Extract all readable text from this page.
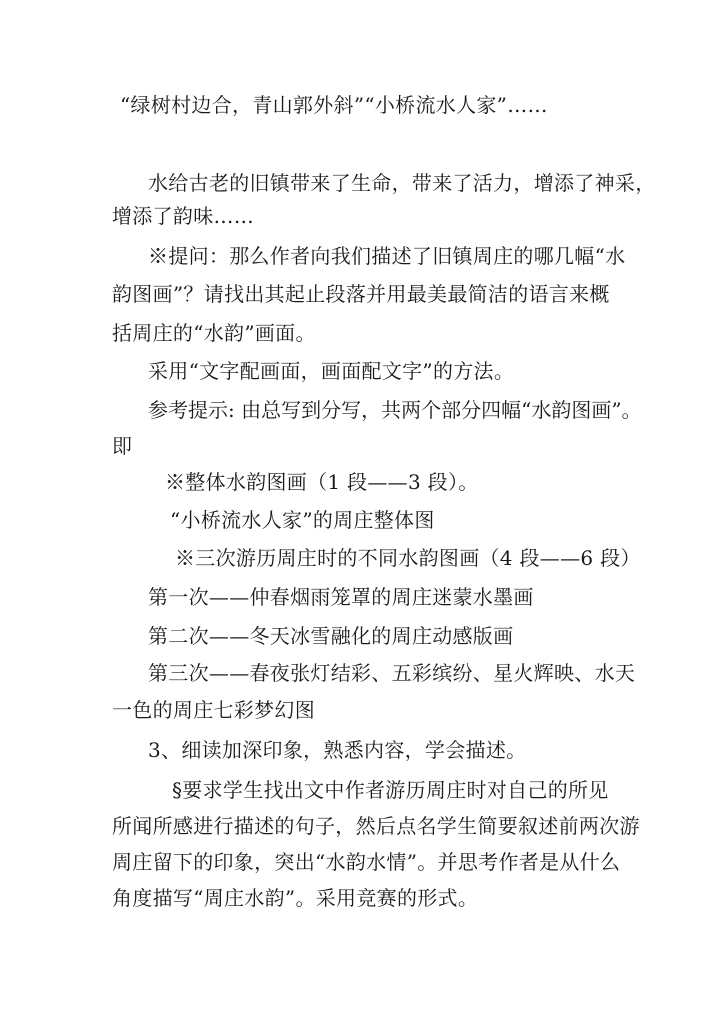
“绿树村边合，青山郭外斜”“小桥流水人家”……
水给古老的旧镇带来了生命，带来了活力，增添了神采，
增添了韵味……
※提问：那么作者向我们描述了旧镇周庄的哪几幅“水
韵图画”？请找出其起止段落并用最美最简洁的语言来概
括周庄的“水韵”画面。
采用“文字配画面，画面配文字”的方法。
参考提示: 由总写到分写，共两个部分四幅“水韵图画”。
即
※整体水韵图画（1 段——3 段）。
“小桥流水人家”的周庄整体图
※三次游历周庄时的不同水韵图画（4 段——6 段）
第一次——仲春烟雨笼罩的周庄迷蒙水墨画
第二次——冬天冰雪融化的周庄动感版画
第三次——春夜张灯结彩、五彩缤纷、星火辉映、水天
一色的周庄七彩梦幻图
3、细读加深印象，熟悉内容，学会描述。
§要求学生找出文中作者游历周庄时对自己的所见
所闻所感进行描述的句子，然后点名学生简要叙述前两次游
周庄留下的印象，突出“水韵水情”。并思考作者是从什么
角度描写“周庄水韵”。采用竞赛的形式。
